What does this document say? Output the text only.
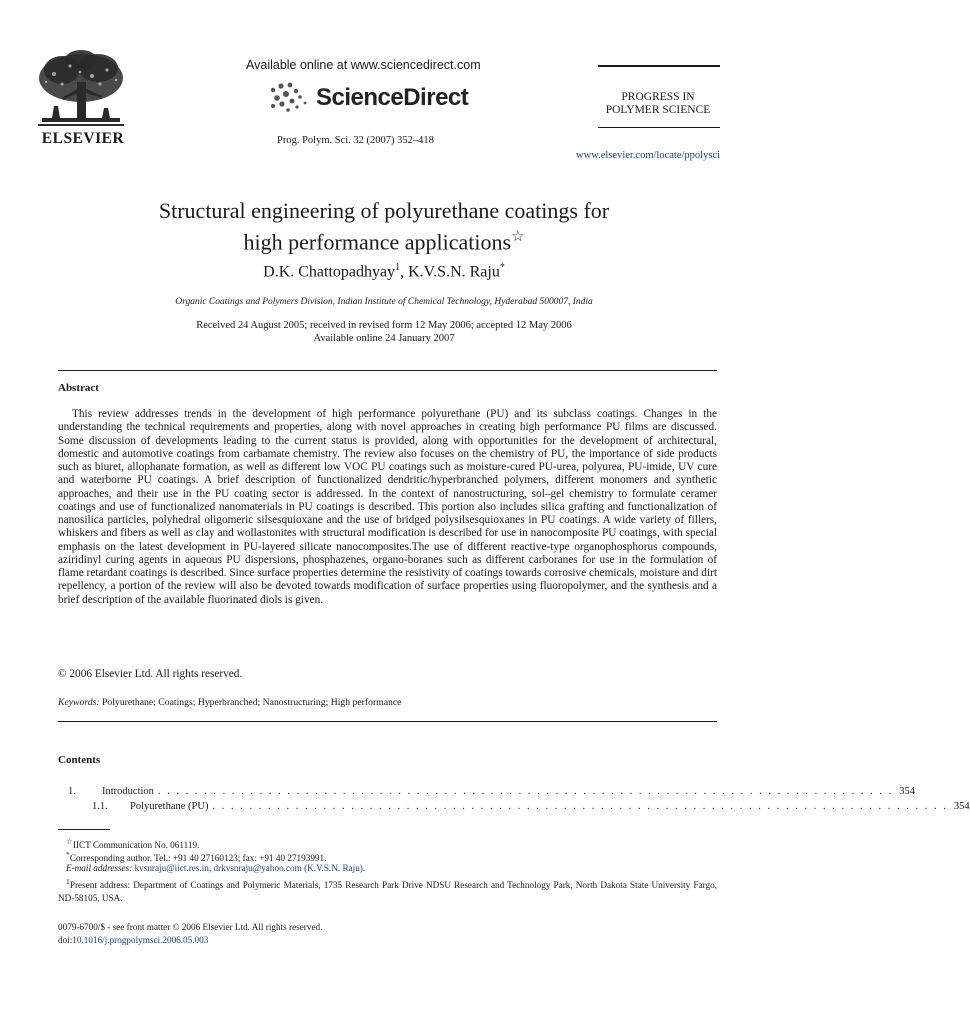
ELSEVIER
Available online at www.sciencedirect.com
ScienceDirect
Prog. Polym. Sci. 32 (2007) 352–418
PROGRESS IN
POLYMER SCIENCE
www.elsevier.com/locate/ppolysci
Structural engineering of polyurethane coatings for
high performance applications☆
D.K. Chattopadhyay$^1$, K.V.S.N. Raju*
Organic Coatings and Polymers Division, Indian Institute of Chemical Technology, Hyderabad 500007, India
Received 24 August 2005; received in revised form 12 May 2006; accepted 12 May 2006
Available online 24 January 2007
Abstract
This review addresses trends in the development of high performance polyurethane (PU) and its subclass coatings. Changes in the understanding the technical requirements and properties, along with novel approaches in creating high performance PU films are discussed. Some discussion of developments leading to the current status is provided, along with opportunities for the development of architectural, domestic and automotive coatings from carbamate chemistry. The review also focuses on the chemistry of PU, the importance of side products such as biuret, allophanate formation, as well as different low VOC PU coatings such as moisture-cured PU-urea, polyurea, PU-imide, UV cure and waterborne PU coatings. A brief description of functionalized dendritic/hyperbranched polymers, different monomers and synthetic approaches, and their use in the PU coating sector is addressed. In the context of nanostructuring, sol–gel chemistry to formulate ceramer coatings and use of functionalized nanomaterials in PU coatings is described. This portion also includes silica grafting and functionalization of nanosilica particles, polyhedral oligomeric silsesquioxane and the use of bridged polysilsesquioxanes in PU coatings. A wide variety of fillers, whiskers and fibers as well as clay and wollastonites with structural modification is described for use in nanocomposite PU coatings, with special emphasis on the latest development in PU-layered silicate nanocomposites.The use of different reactive-type organophosphorus compounds, aziridinyl curing agents in aqueous PU dispersions, phosphazenes, organo-boranes such as different carboranes for use in the formulation of flame retardant coatings is described. Since surface properties determine the resistivity of coatings towards corrosive chemicals, moisture and dirt repellency, a portion of the review will also be devoted towards modification of surface properties using fluoropolymer, and the synthesis and a brief description of the available fluorinated diols is given.
© 2006 Elsevier Ltd. All rights reserved.
Keywords: Polyurethane; Coatings; Hyperbranched; Nanostructuring; High performance
Contents
1.	Introduction . . . . . . . . . . . . . . . . . . . . . . . . . . . . . . . . . . . . . . . . . . . . . . . . . . . . . . . . . . . . . . . . . . . . . . . . . . . . . . . . 354
1.1.	Polyurethane (PU) . . . . . . . . . . . . . . . . . . . . . . . . . . . . . . . . . . . . . . . . . . . . . . . . . . . . . . . . . . . . . . . . . . . . . . . . . . . . . . . . 354
☆IICT Communication No. 061119.
*Corresponding author. Tel.: +91 40 27160123; fax: +91 40 27193991.
E-mail addresses: kvsnraju@iict.res.in, drkvsnraju@yahoo.com (K.V.S.N. Raju).
$^1$Present address: Department of Coatings and Polymeric Materials, 1735 Research Park Drive NDSU Research and Technology Park, North Dakota State University Fargo, ND-58105, USA.
0079-6700/$ - see front matter © 2006 Elsevier Ltd. All rights reserved.
doi:10.1016/j.progpolymsci.2006.05.003
